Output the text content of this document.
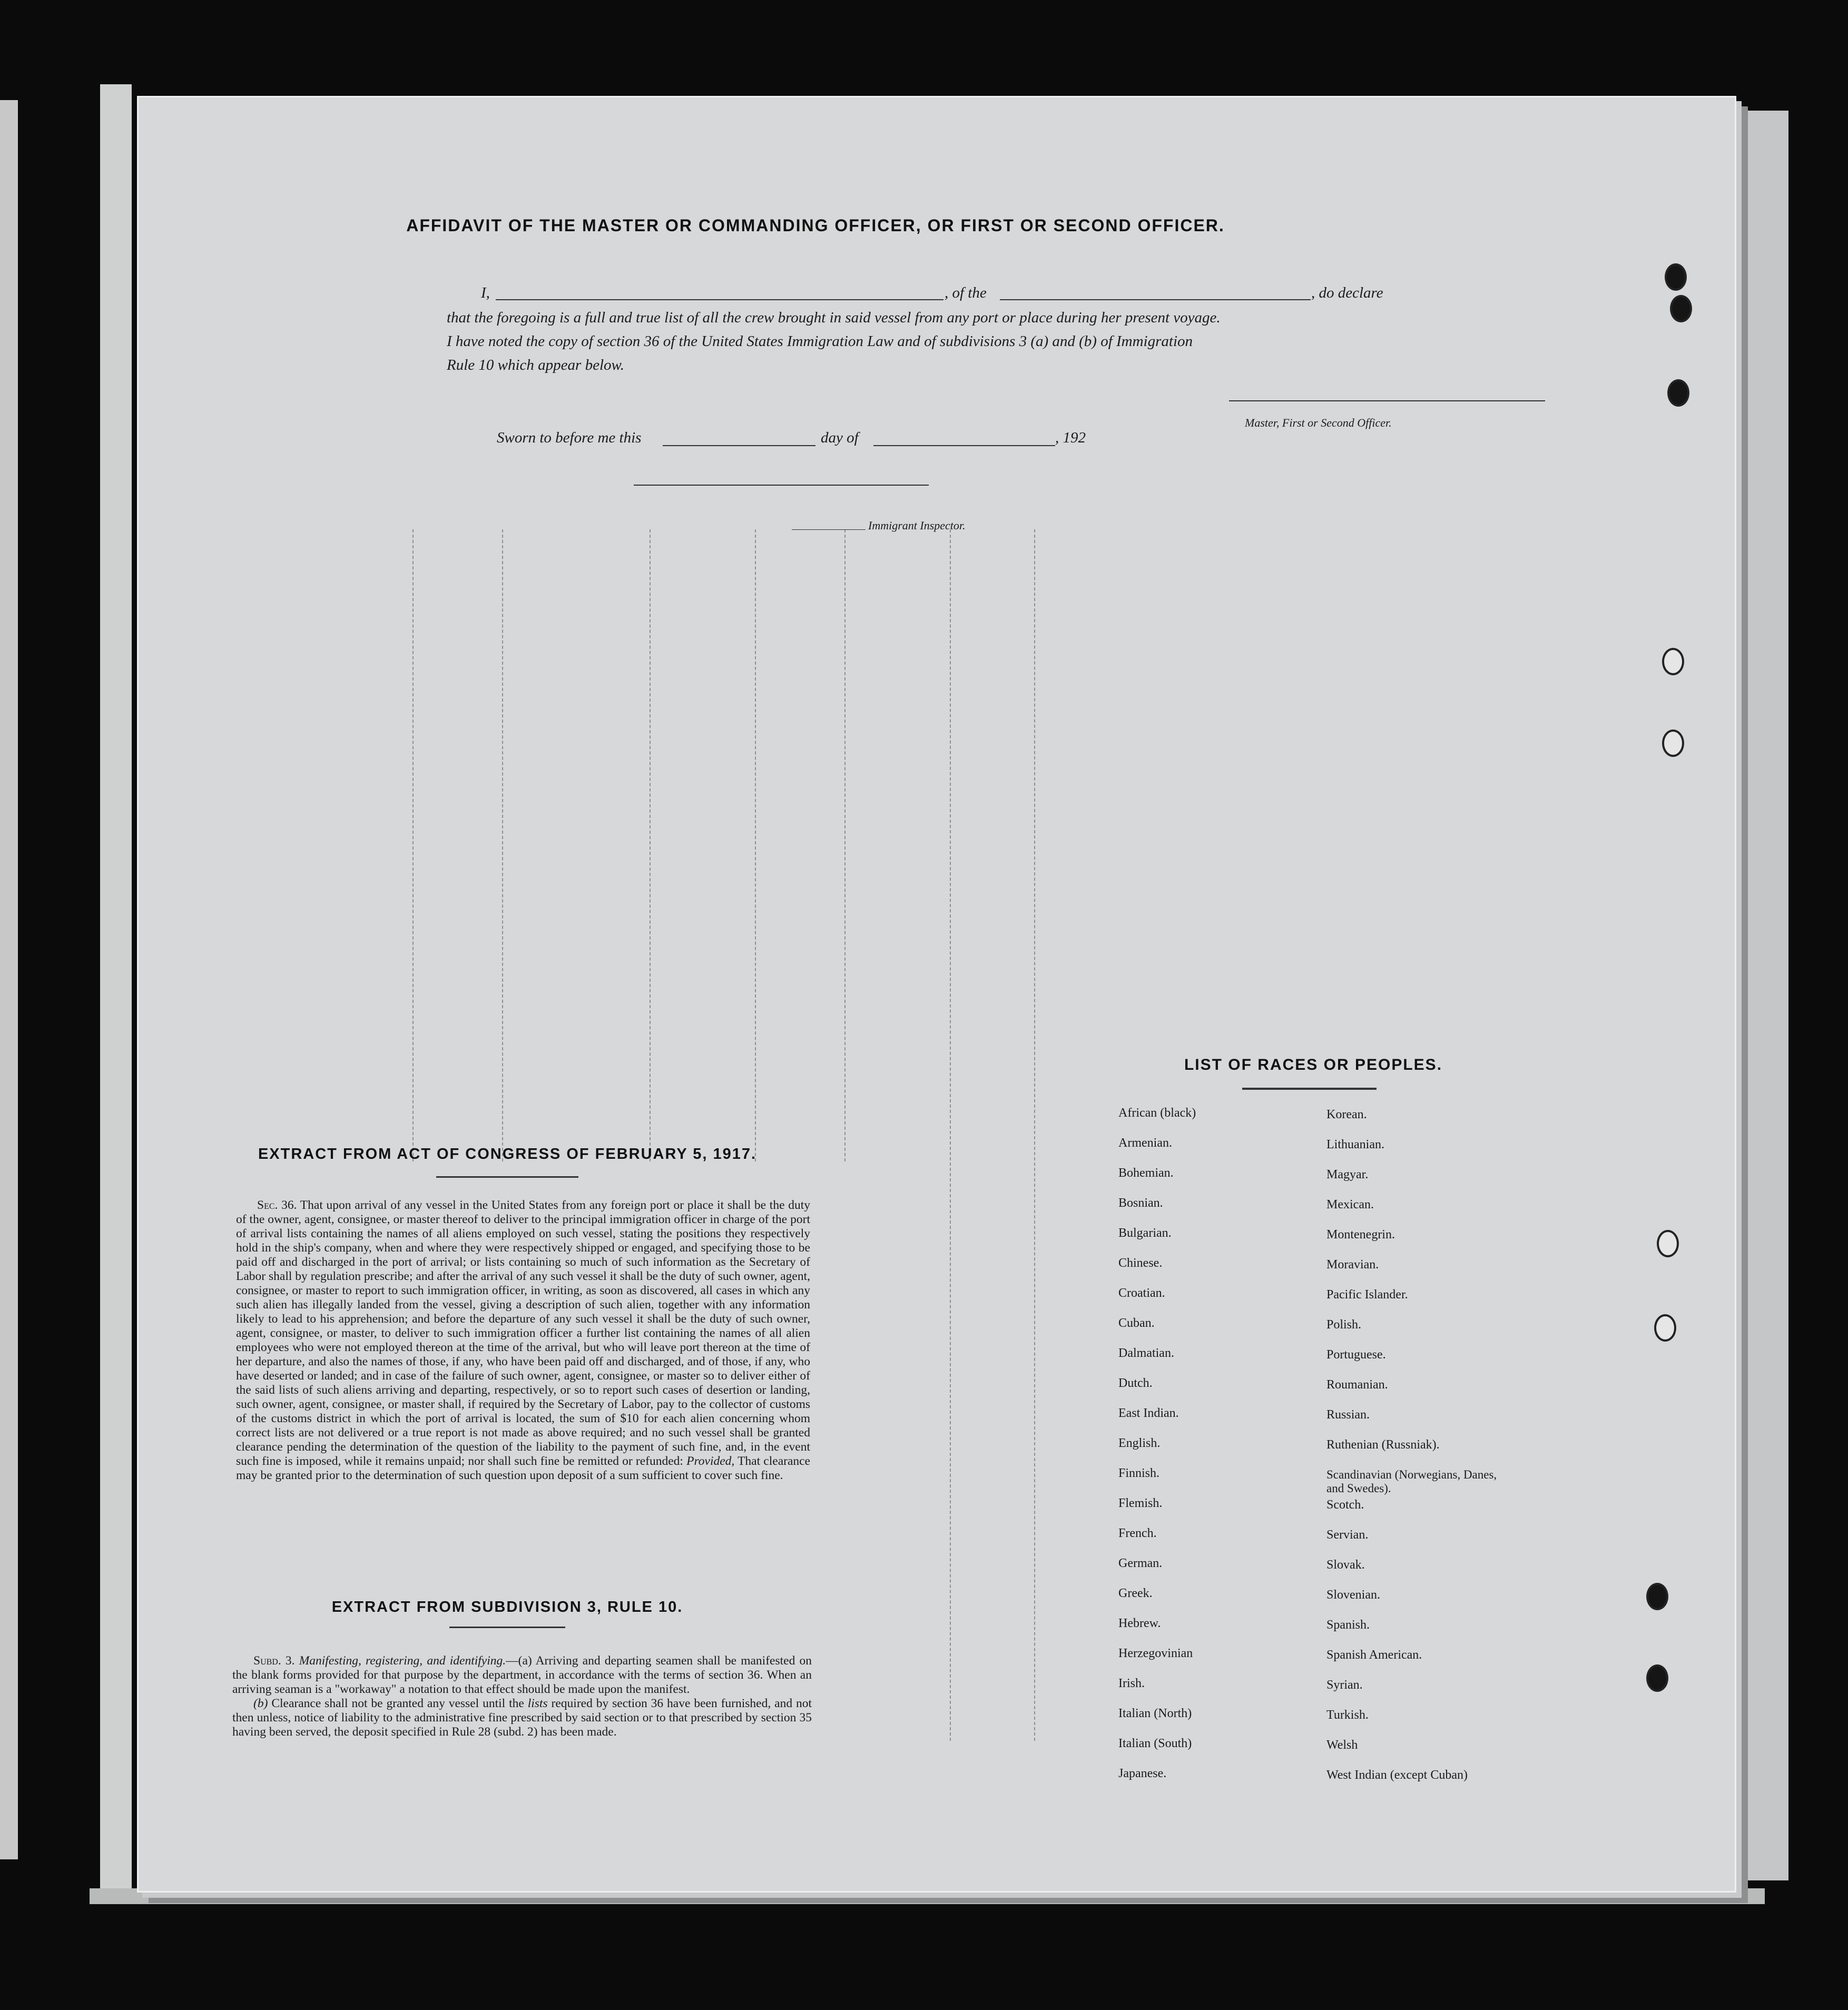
AFFIDAVIT OF THE MASTER OR COMMANDING OFFICER, OR FIRST OR SECOND OFFICER.
I,	, of the	, do declare
that the foregoing is a full and true list of all the crew brought in said vessel from any port or place during her present voyage.
I have noted the copy of section 36 of the United States Immigration Law and of subdivisions 3 (a) and (b) of Immigration
Rule 10 which appear below.
Master, First or Second Officer.
Sworn to before me this	day of	, 192
Immigrant Inspector.
EXTRACT FROM ACT OF CONGRESS OF FEBRUARY 5, 1917.

Sec. 36. That upon arrival of any vessel in the United States from any foreign port or place it shall be the duty of the owner, agent, consignee, or master thereof to deliver to the principal immigration officer in charge of the port of arrival lists containing the names of all aliens employed on such vessel, stating the positions they respectively hold in the ship's company, when and where they were respectively shipped or engaged, and specifying those to be paid off and discharged in the port of arrival; or lists containing so much of such information as the Secretary of Labor shall by regulation prescribe; and after the arrival of any such vessel it shall be the duty of such owner, agent, consignee, or master to report to such immigration officer, in writing, as soon as discovered, all cases in which any such alien has illegally landed from the vessel, giving a description of such alien, together with any information likely to lead to his apprehension; and before the departure of any such vessel it shall be the duty of such owner, agent, consignee, or master, to deliver to such immigration officer a further list containing the names of all alien employees who were not employed thereon at the time of the arrival, but who will leave port thereon at the time of her departure, and also the names of those, if any, who have been paid off and discharged, and of those, if any, who have deserted or landed; and in case of the failure of such owner, agent, consignee, or master so to deliver either of the said lists of such aliens arriving and departing, respectively, or so to report such cases of desertion or landing, such owner, agent, consignee, or master shall, if required by the Secretary of Labor, pay to the collector of customs of the customs district in which the port of arrival is located, the sum of $10 for each alien concerning whom correct lists are not delivered or a true report is not made as above required; and no such vessel shall be granted clearance pending the determination of the question of the liability to the payment of such fine, and, in the event such fine is imposed, while it remains unpaid; nor shall such fine be remitted or refunded: Provided, That clearance may be granted prior to the determination of such question upon deposit of a sum sufficient to cover such fine.

EXTRACT FROM SUBDIVISION 3, RULE 10.

Subd. 3. Manifesting, registering, and identifying.—(a) Arriving and departing seamen shall be manifested on the blank forms provided for that purpose by the department, in accordance with the terms of section 36. When an arriving seaman is a "workaway" a notation to that effect should be made upon the manifest.

(b) Clearance shall not be granted any vessel until the lists required by section 36 have been furnished, and not then unless, notice of liability to the administrative fine prescribed by said section or to that prescribed by section 35 having been served, the deposit specified in Rule 28 (subd. 2) has been made.

LIST OF RACES OR PEOPLES.
African (black)
Armenian.
Bohemian.
Bosnian.
Bulgarian.
Chinese.
Croatian.
Cuban.
Dalmatian.
Dutch.
East Indian.
English.
Finnish.
Flemish.
French.
German.
Greek.
Hebrew.
Herzegovinian
Irish.
Italian (North)
Italian (South)
Japanese.
Korean.
Lithuanian.
Magyar.
Mexican.
Montenegrin.
Moravian.
Pacific Islander.
Polish.
Portuguese.
Roumanian.
Russian.
Ruthenian (Russniak).
Scandinavian (Norwegians, Danes, and Swedes).
Scotch.
Servian.
Slovak.
Slovenian.
Spanish.
Spanish American.
Syrian.
Turkish.
Welsh
West Indian (except Cuban)
